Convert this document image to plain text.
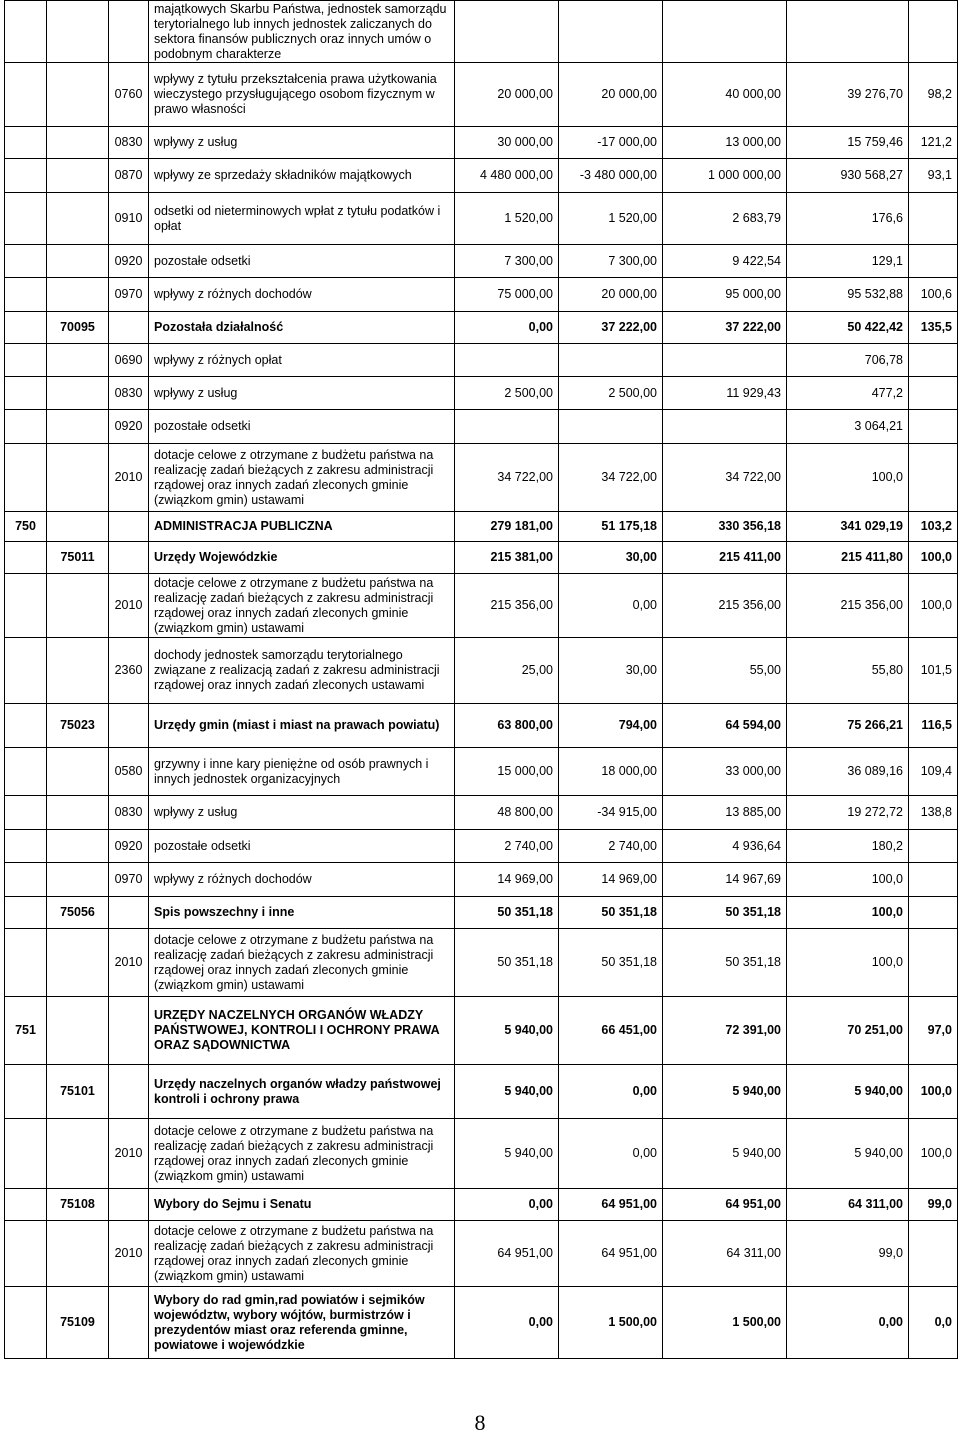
			majątkowych Skarbu Państwa, jednostek samorządu terytorialnego lub innych jednostek zaliczanych do sektora finansów publicznych oraz innych umów o podobnym charakterze					
		0760	wpływy z tytułu przekształcenia prawa użytkowania wieczystego przysługującego osobom fizycznym w prawo własności	20 000,00	20 000,00	40 000,00	39 276,70	98,2
		0830	wpływy z usług	30 000,00	-17 000,00	13 000,00	15 759,46	121,2
		0870	wpływy ze sprzedaży składników majątkowych	4 480 000,00	-3 480 000,00	1 000 000,00	930 568,27	93,1
		0910	odsetki od nieterminowych wpłat z tytułu podatków i opłat	1 520,00	1 520,00	2 683,79	176,6	
		0920	pozostałe odsetki	7 300,00	7 300,00	9 422,54	129,1	
		0970	wpływy z różnych dochodów	75 000,00	20 000,00	95 000,00	95 532,88	100,6
	70095		Pozostała działalność	0,00	37 222,00	37 222,00	50 422,42	135,5
		0690	wpływy z różnych opłat				706,78	
		0830	wpływy z usług	2 500,00	2 500,00	11 929,43	477,2	
		0920	pozostałe odsetki				3 064,21	
		2010	dotacje celowe z otrzymane z budżetu państwa na realizację zadań bieżących z zakresu administracji rządowej oraz innych zadań zleconych gminie (związkom gmin) ustawami	34 722,00	34 722,00	34 722,00	100,0	
750			ADMINISTRACJA PUBLICZNA	279 181,00	51 175,18	330 356,18	341 029,19	103,2
	75011		Urzędy Wojewódzkie	215 381,00	30,00	215 411,00	215 411,80	100,0
		2010	dotacje celowe z otrzymane z budżetu państwa na realizację zadań bieżących z zakresu administracji rządowej oraz innych zadań zleconych gminie (związkom gmin) ustawami	215 356,00	0,00	215 356,00	215 356,00	100,0
		2360	dochody jednostek samorządu terytorialnego związane z realizacją zadań z zakresu administracji rządowej oraz innych zadań zleconych ustawami	25,00	30,00	55,00	55,80	101,5
	75023		Urzędy gmin (miast i miast na prawach powiatu)	63 800,00	794,00	64 594,00	75 266,21	116,5
		0580	grzywny i inne kary pieniężne od osób prawnych i innych jednostek organizacyjnych	15 000,00	18 000,00	33 000,00	36 089,16	109,4
		0830	wpływy z usług	48 800,00	-34 915,00	13 885,00	19 272,72	138,8
		0920	pozostałe odsetki	2 740,00	2 740,00	4 936,64	180,2	
		0970	wpływy z różnych dochodów	14 969,00	14 969,00	14 967,69	100,0	
	75056		Spis powszechny i inne	50 351,18	50 351,18	50 351,18	100,0	
		2010	dotacje celowe z otrzymane z budżetu państwa na realizację zadań bieżących z zakresu administracji rządowej oraz innych zadań zleconych gminie (związkom gmin) ustawami	50 351,18	50 351,18	50 351,18	100,0	
751			URZĘDY NACZELNYCH ORGANÓW WŁADZY PAŃSTWOWEJ, KONTROLI I OCHRONY PRAWA ORAZ SĄDOWNICTWA	5 940,00	66 451,00	72 391,00	70 251,00	97,0
	75101		Urzędy naczelnych organów władzy państwowej kontroli i ochrony prawa	5 940,00	0,00	5 940,00	5 940,00	100,0
		2010	dotacje celowe z otrzymane z budżetu państwa na realizację zadań bieżących z zakresu administracji rządowej oraz innych zadań zleconych gminie (związkom gmin) ustawami	5 940,00	0,00	5 940,00	5 940,00	100,0
	75108		Wybory do Sejmu i Senatu	0,00	64 951,00	64 951,00	64 311,00	99,0
		2010	dotacje celowe z otrzymane z budżetu państwa na realizację zadań bieżących z zakresu administracji rządowej oraz innych zadań zleconych gminie (związkom gmin) ustawami	64 951,00	64 951,00	64 311,00	99,0	
	75109		Wybory do rad gmin,rad powiatów i sejmików województw, wybory wójtów, burmistrzów i prezydentów miast oraz referenda gminne, powiatowe i wojewódzkie	0,00	1 500,00	1 500,00	0,00	0,0
8
